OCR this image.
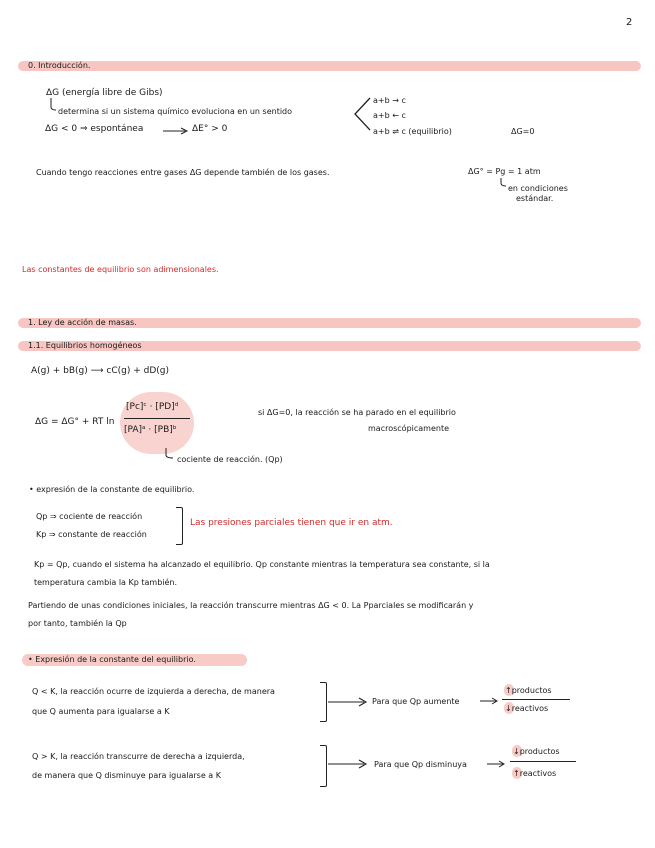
2
0. Introducción.
ΔG (energía libre de Gibs)
determina si un sistema químico evoluciona en un sentido
ΔG < 0 ⇒ espontánea	ΔE° > 0
a+b → c
a+b ← c
a+b ⇌ c (equilibrio)	ΔG=0
Cuando tengo reacciones entre gases ΔG depende también de los gases.	ΔG° = Pg = 1 atm
en condiciones
estándar.
Las constantes de equilibrio son adimensionales.
1. Ley de acción de masas.
1.1. Equilibrios homogéneos
A(g) + bB(g) ⟶ cC(g) + dD(g)
ΔG = ΔG° + RT ln
[Pc]ᶜ · [PD]ᵈ
[PA]ᵃ · [PB]ᵇ
si ΔG=0, la reacción se ha parado en el equilibrio
macroscópicamente
cociente de reacción. (Qp)
• expresión de la constante de equilibrio.
Qp ⇒ cociente de reacción
Kp ⇒ constante de reacción
Las presiones parciales tienen que ir en atm.
Kp = Qp, cuando el sistema ha alcanzado el equilibrio. Qp constante mientras la temperatura sea constante, si la
temperatura cambia la Kp también.
Partiendo de unas condiciones iniciales, la reacción transcurre mientras ΔG < 0. La Pparciales se modificarán y
por tanto, también la Qp
• Expresión de la constante del equilibrio.
Q < K, la reacción ocurre de izquierda a derecha, de manera
que Q aumenta para igualarse a K
Para que Qp aumente
↑productos
↓reactivos
Q > K, la reacción transcurre de derecha a izquierda,
de manera que Q disminuye para igualarse a K
Para que Qp disminuya
↓productos
↑reactivos
